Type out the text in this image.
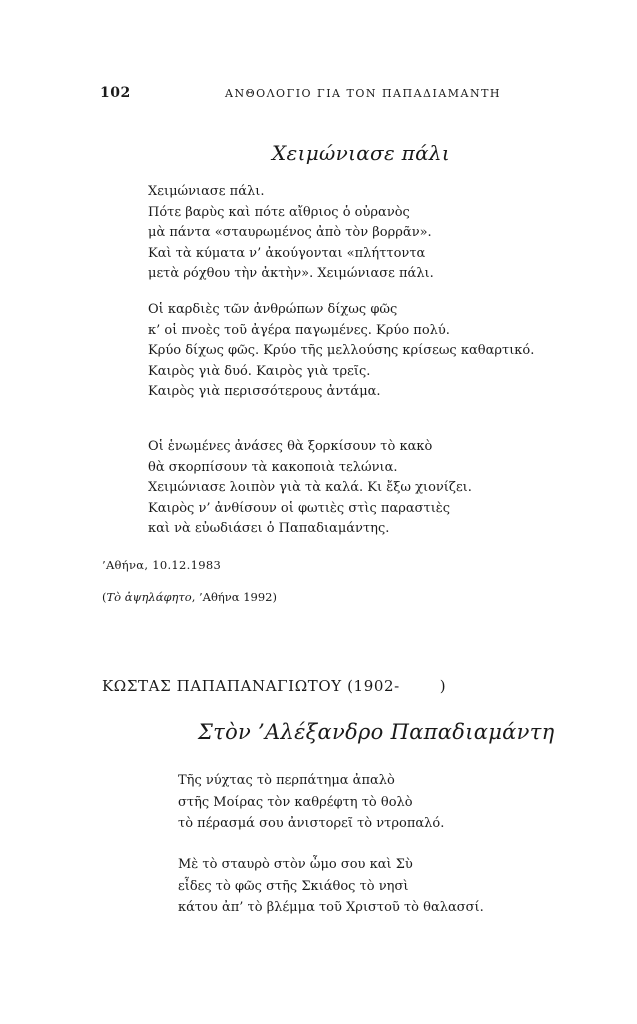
102	ΑΝΘΟΛΟΓΙΟ ΓΙΑ ΤΟΝ ΠΑΠΑΔΙΑΜΑΝΤΗ
Χειμώνιασε πάλι
Χειμώνιασε πάλι.
Πότε βαρὺς καὶ πότε αἴθριος ὁ οὐρανὸς
μὰ πάντα «σταυρωμένος ἀπὸ τὸν βορρᾶν».
Καὶ τὰ κύματα ν’ ἀκούγονται «πλήττοντα
μετὰ ρόχθου τὴν ἀκτὴν». Χειμώνιασε πάλι.
Οἱ καρδιὲς τῶν ἀνθρώπων δίχως φῶς
κ’ οἱ πνοὲς τοῦ ἀγέρα παγωμένες. Κρύο πολύ.
Κρύο δίχως φῶς. Κρύο τῆς μελλούσης κρίσεως καθαρτικό.
Καιρὸς γιὰ δυό. Καιρὸς γιὰ τρεῖς.
Καιρὸς γιὰ περισσότερους ἀντάμα.
Οἱ ἑνωμένες ἀνάσες θὰ ξορκίσουν τὸ κακὸ
θὰ σκορπίσουν τὰ κακοποιὰ τελώνια.
Χειμώνιασε λοιπὸν γιὰ τὰ καλά. Κι ἔξω χιονίζει.
Καιρὸς ν’ ἀνθίσουν οἱ φωτιὲς στὶς παραστιὲς
καὶ νὰ εὐωδιάσει ὁ Παπαδιαμάντης.
’Αθήνα, 10.12.1983
(Τὸ ἀψηλάφητο, ’Αθήνα 1992)
ΚΩΣΤΑΣ ΠΑΠΑΠΑΝΑΓΙΩΤΟΥ (1902-	)
Στὸν ’Αλέξανδρο Παπαδιαμάντη
Τῆς νύχτας τὸ περπάτημα ἀπαλὸ
στῆς Μοίρας τὸν καθρέφτη τὸ θολὸ
τὸ πέρασμά σου ἀνιστορεῖ τὸ ντροπαλό.
Μὲ τὸ σταυρὸ στὸν ὦμο σου καὶ Σὺ
εἶδες τὸ φῶς στῆς Σκιάθος τὸ νησὶ
κάτου ἀπ’ τὸ βλέμμα τοῦ Χριστοῦ τὸ θαλασσί.
